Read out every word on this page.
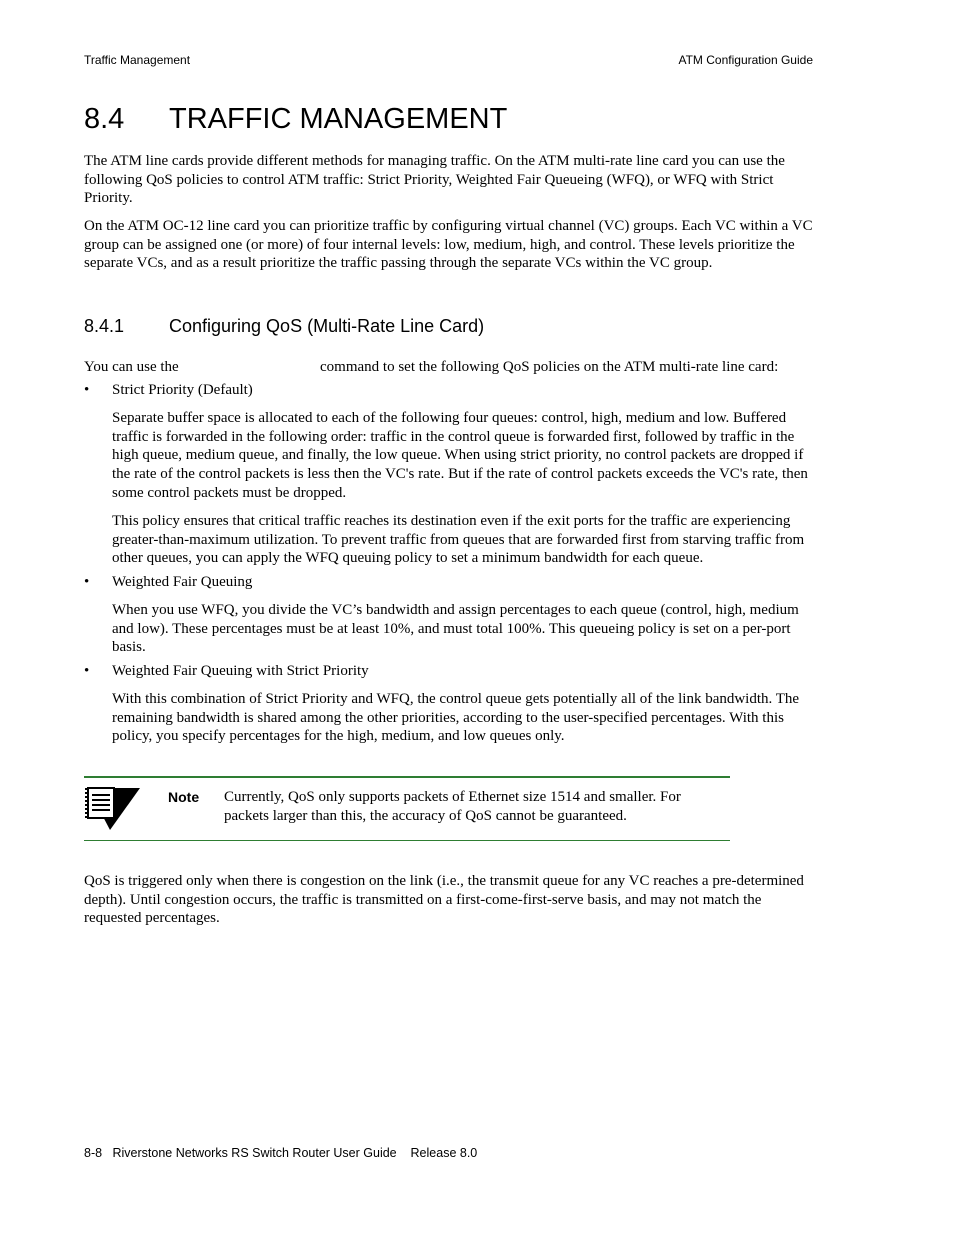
Traffic Management	ATM Configuration Guide
8.4 TRAFFIC MANAGEMENT

The ATM line cards provide different methods for managing traffic. On the ATM multi-rate line card you can use the following QoS policies to control ATM traffic: Strict Priority, Weighted Fair Queueing (WFQ), or WFQ with Strict Priority.

On the ATM OC-12 line card you can prioritize traffic by configuring virtual channel (VC) groups. Each VC within a VC group can be assigned one (or more) of four internal levels: low, medium, high, and control. These levels prioritize the separate VCs, and as a result prioritize the traffic passing through the separate VCs within the VC group.

8.4.1 Configuring QoS (Multi-Rate Line Card)
You can use the	command to set the following QoS policies on the ATM multi-rate line card:
• Strict Priority (Default)

Separate buffer space is allocated to each of the following four queues: control, high, medium and low. Buffered traffic is forwarded in the following order: traffic in the control queue is forwarded first, followed by traffic in the high queue, medium queue, and finally, the low queue. When using strict priority, no control packets are dropped if the rate of the control packets is less then the VC's rate. But if the rate of control packets exceeds the VC's rate, then some control packets must be dropped.

This policy ensures that critical traffic reaches its destination even if the exit ports for the traffic are experiencing greater-than-maximum utilization. To prevent traffic from queues that are forwarded first from starving traffic from other queues, you can apply the WFQ queuing policy to set a minimum bandwidth for each queue.

• Weighted Fair Queuing

When you use WFQ, you divide the VC’s bandwidth and assign percentages to each queue (control, high, medium and low). These percentages must be at least 10%, and must total 100%. This queueing policy is set on a per-port basis.

• Weighted Fair Queuing with Strict Priority

With this combination of Strict Priority and WFQ, the control queue gets potentially all of the link bandwidth. The remaining bandwidth is shared among the other priorities, according to the user-specified percentages. With this policy, you specify percentages for the high, medium, and low queues only.

Note Currently, QoS only supports packets of Ethernet size 1514 and smaller. For packets larger than this, the accuracy of QoS cannot be guaranteed.

QoS is triggered only when there is congestion on the link (i.e., the transmit queue for any VC reaches a pre-determined depth). Until congestion occurs, the traffic is transmitted on a first-come-first-serve basis, and may not match the requested percentages.

8-8 Riverstone Networks RS Switch Router User Guide Release 8.0
